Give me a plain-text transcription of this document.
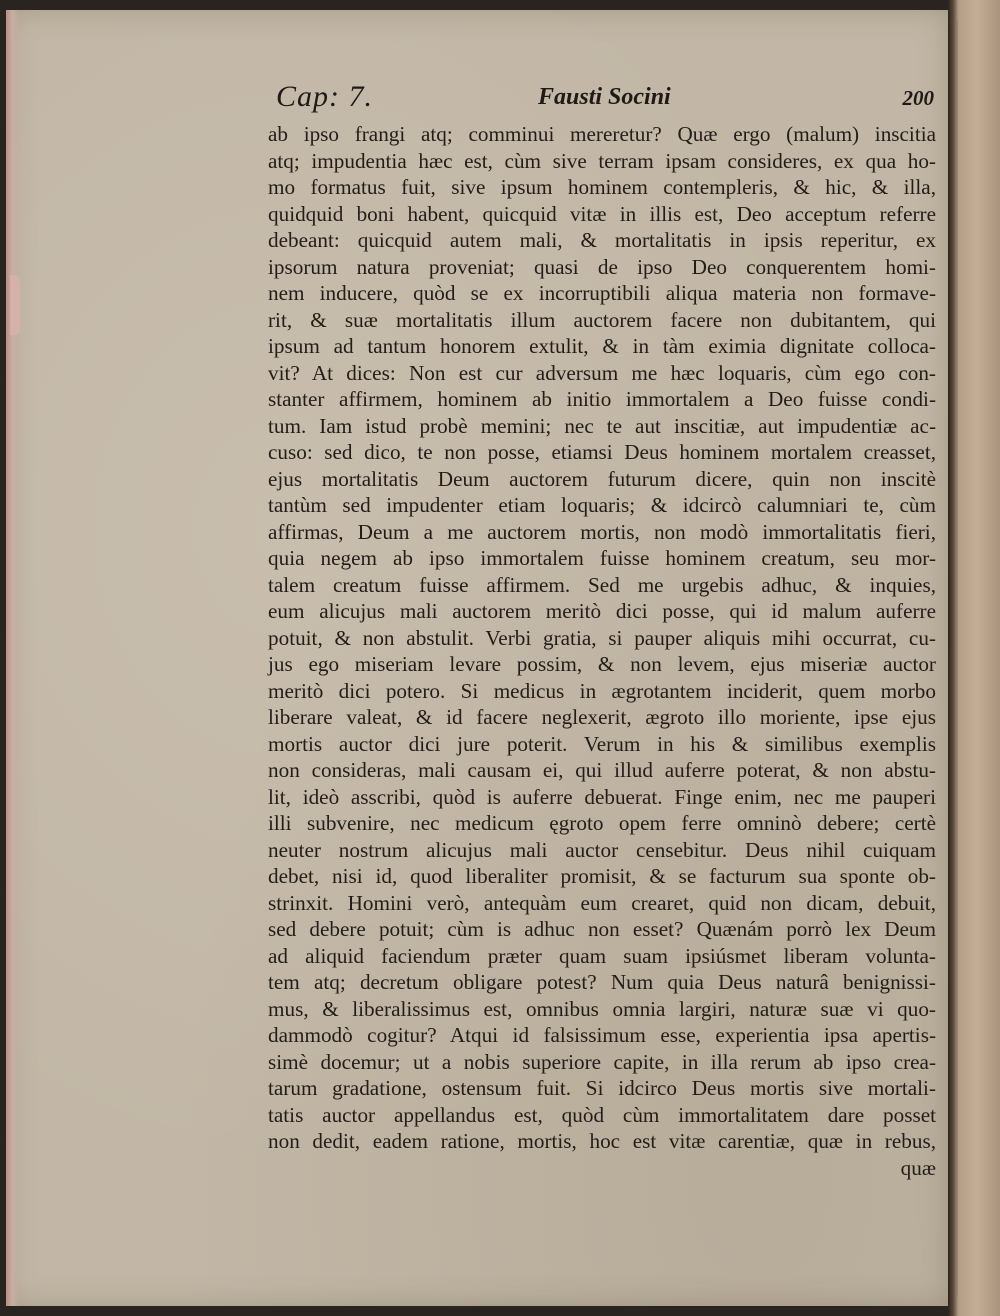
Cap: 7.	Fausti Socini	200
ab ipso frangi atq; comminui mereretur? Quæ ergo (malum) inscitia
atq; impudentia hæc est, cùm sive terram ipsam consideres, ex qua ho-
mo formatus fuit, sive ipsum hominem contempleris, & hic, & illa,
quidquid boni habent, quicquid vitæ in illis est, Deo acceptum referre
debeant: quicquid autem mali, & mortalitatis in ipsis reperitur, ex
ipsorum natura proveniat; quasi de ipso Deo conquerentem homi-
nem inducere, quòd se ex incorruptibili aliqua materia non formave-
rit, & suæ mortalitatis illum auctorem facere non dubitantem, qui
ipsum ad tantum honorem extulit, & in tàm eximia dignitate colloca-
vit? At dices: Non est cur adversum me hæc loquaris, cùm ego con-
stanter affirmem, hominem ab initio immortalem a Deo fuisse condi-
tum. Iam istud probè memini; nec te aut inscitiæ, aut impudentiæ ac-
cuso: sed dico, te non posse, etiamsi Deus hominem mortalem creasset,
ejus mortalitatis Deum auctorem futurum dicere, quin non inscitè
tantùm sed impudenter etiam loquaris; & idcircò calumniari te, cùm
affirmas, Deum a me auctorem mortis, non modò immortalitatis fieri,
quia negem ab ipso immortalem fuisse hominem creatum, seu mor-
talem creatum fuisse affirmem. Sed me urgebis adhuc, & inquies,
eum alicujus mali auctorem meritò dici posse, qui id malum auferre
potuit, & non abstulit. Verbi gratia, si pauper aliquis mihi occurrat, cu-
jus ego miseriam levare possim, & non levem, ejus miseriæ auctor
meritò dici potero. Si medicus in ægrotantem inciderit, quem morbo
liberare valeat, & id facere neglexerit, ægroto illo moriente, ipse ejus
mortis auctor dici jure poterit. Verum in his & similibus exemplis
non consideras, mali causam ei, qui illud auferre poterat, & non abstu-
lit, ideò asscribi, quòd is auferre debuerat. Finge enim, nec me pauperi
illi subvenire, nec medicum ęgroto opem ferre omninò debere; certè
neuter nostrum alicujus mali auctor censebitur. Deus nihil cuiquam
debet, nisi id, quod liberaliter promisit, & se facturum sua sponte ob-
strinxit. Homini verò, antequàm eum crearet, quid non dicam, debuit,
sed debere potuit; cùm is adhuc non esset? Quænám porrò lex Deum
ad aliquid faciendum præter quam suam ipsiúsmet liberam volunta-
tem atq; decretum obligare potest? Num quia Deus naturâ benignissi-
mus, & liberalissimus est, omnibus omnia largiri, naturæ suæ vi quo-
dammodò cogitur? Atqui id falsissimum esse, experientia ipsa apertis-
simè docemur; ut a nobis superiore capite, in illa rerum ab ipso crea-
tarum gradatione, ostensum fuit. Si idcirco Deus mortis sive mortali-
tatis auctor appellandus est, quòd cùm immortalitatem dare posset
non dedit, eadem ratione, mortis, hoc est vitæ carentiæ, quæ in rebus,
quæ
